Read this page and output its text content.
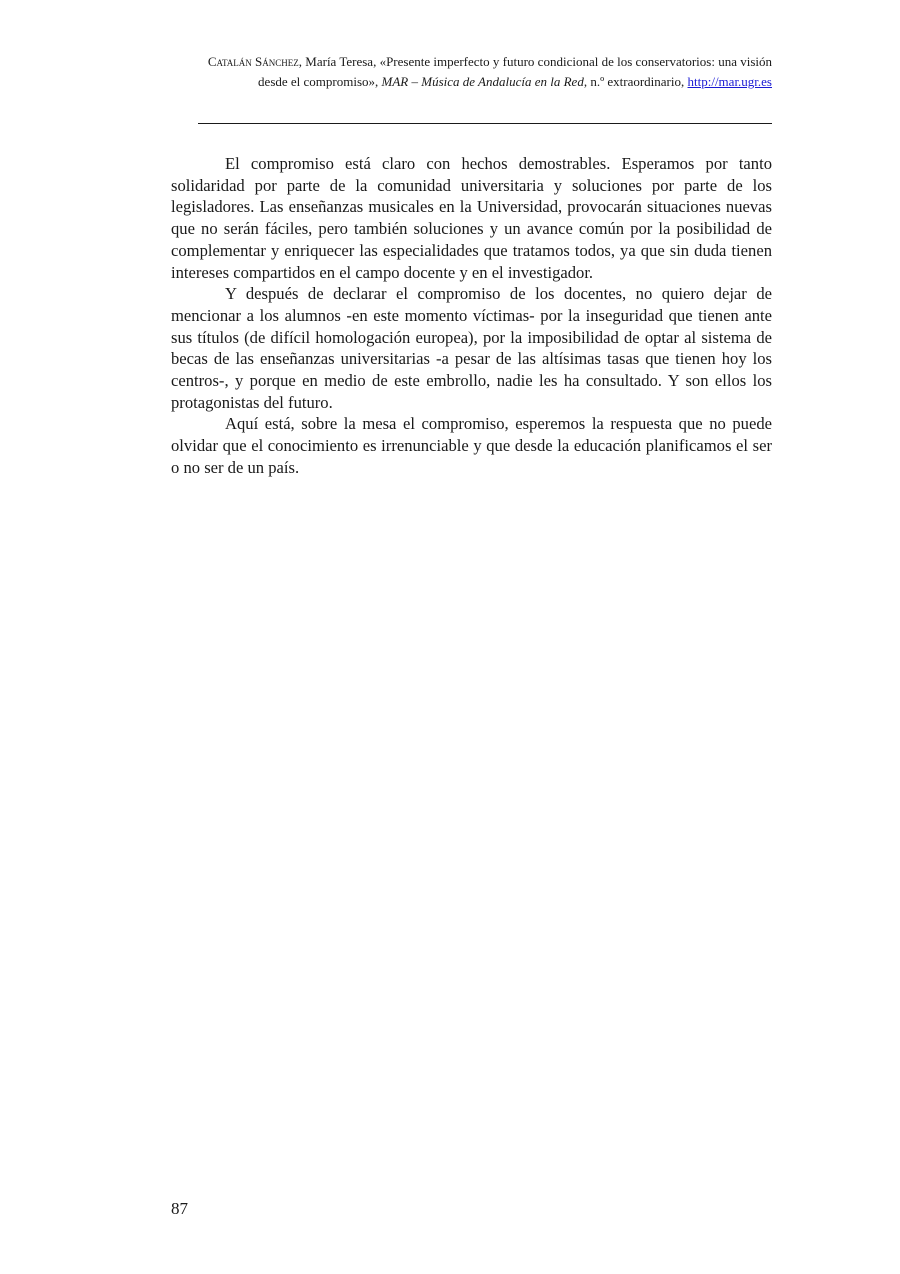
Catalán Sánchez, María Teresa, «Presente imperfecto y futuro condicional de los conservatorios: una visión desde el compromiso», MAR – Música de Andalucía en la Red, n.º extraordinario, http://mar.ugr.es

El compromiso está claro con hechos demostrables. Esperamos por tanto solidaridad por parte de la comunidad universitaria y soluciones por parte de los legisladores. Las enseñanzas musicales en la Universidad, provocarán situaciones nuevas que no serán fáciles, pero también soluciones y un avance común por la posibilidad de complementar y enriquecer las especialidades que tratamos todos, ya que sin duda tienen intereses compartidos en el campo docente y en el investigador.

Y después de declarar el compromiso de los docentes, no quiero dejar de mencionar a los alumnos -en este momento víctimas- por la inseguridad que tienen ante sus títulos (de difícil homologación europea), por la imposibilidad de optar al sistema de becas de las enseñanzas universitarias -a pesar de las altísimas tasas que tienen hoy los centros-, y porque en medio de este embrollo, nadie les ha consultado. Y son ellos los protagonistas del futuro.

Aquí está, sobre la mesa el compromiso, esperemos la respuesta que no puede olvidar que el conocimiento es irrenunciable y que desde la educación planificamos el ser o no ser de un país.

87
